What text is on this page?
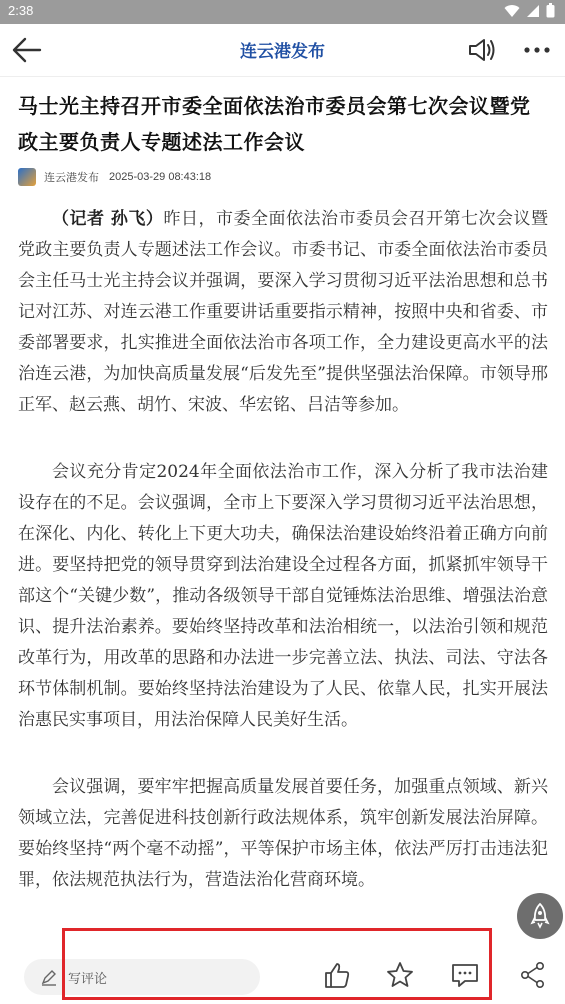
2:38
连云港发布
马士光主持召开市委全面依法治市委员会第七次会议暨党政主要负责人专题述法工作会议
连云港发布 2025-03-29 08:43:18

（记者 孙飞）昨日，市委全面依法治市委员会召开第七次会议暨党政主要负责人专题述法工作会议。市委书记、市委全面依法治市委员会主任马士光主持会议并强调，要深入学习贯彻习近平法治思想和总书记对江苏、对连云港工作重要讲话重要指示精神，按照中央和省委、市委部署要求，扎实推进全面依法治市各项工作，全力建设更高水平的法治连云港，为加快高质量发展“后发先至”提供坚强法治保障。市领导邢正军、赵云燕、胡竹、宋波、华宏铭、吕洁等参加。

会议充分肯定2024年全面依法治市工作，深入分析了我市法治建设存在的不足。会议强调，全市上下要深入学习贯彻习近平法治思想，在深化、内化、转化上下更大功夫，确保法治建设始终沿着正确方向前进。要坚持把党的领导贯穿到法治建设全过程各方面，抓紧抓牢领导干部这个“关键少数”，推动各级领导干部自觉锤炼法治思维、增强法治意识、提升法治素养。要始终坚持改革和法治相统一，以法治引领和规范改革行为，用改革的思路和办法进一步完善立法、执法、司法、守法各环节体制机制。要始终坚持法治建设为了人民、依靠人民，扎实开展法治惠民实事项目，用法治保障人民美好生活。

会议强调，要牢牢把握高质量发展首要任务，加强重点领域、新兴领域立法，完善促进科技创新行政法规体系，筑牢创新发展法治屏障。要始终坚持“两个毫不动摇”，平等保护市场主体，依法严厉打击违法犯罪，依法规范执法行为，营造法治化营商环境。

写评论
